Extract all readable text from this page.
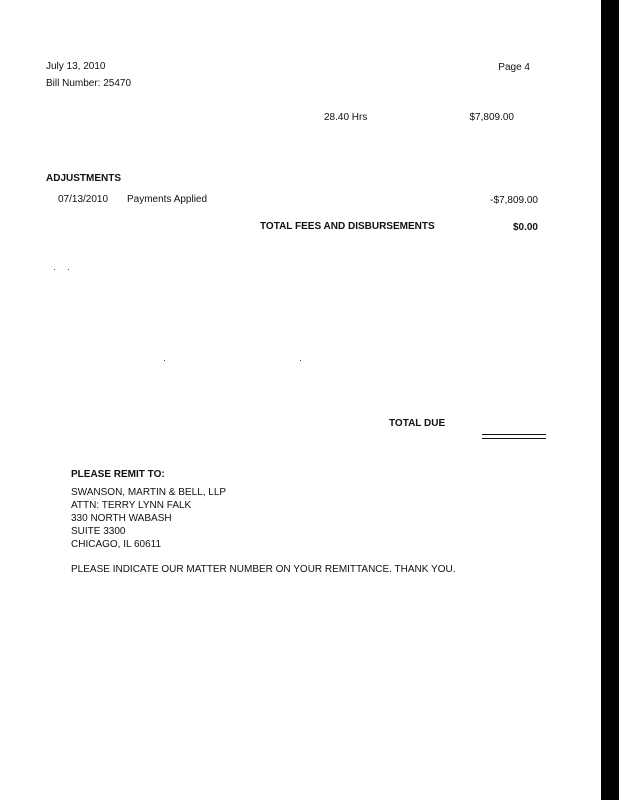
July 13, 2010	Page 4
Bill Number: 25470
28.40 Hrs	$7,809.00
ADJUSTMENTS
07/13/2010 Payments Applied	-$7,809.00
TOTAL FEES AND DISBURSEMENTS	$0.00
TOTAL DUE
PLEASE REMIT TO:
SWANSON, MARTIN & BELL, LLP
ATTN: TERRY LYNN FALK
330 NORTH WABASH
SUITE 3300
CHICAGO, IL 60611
PLEASE INDICATE OUR MATTER NUMBER ON YOUR REMITTANCE. THANK YOU.
